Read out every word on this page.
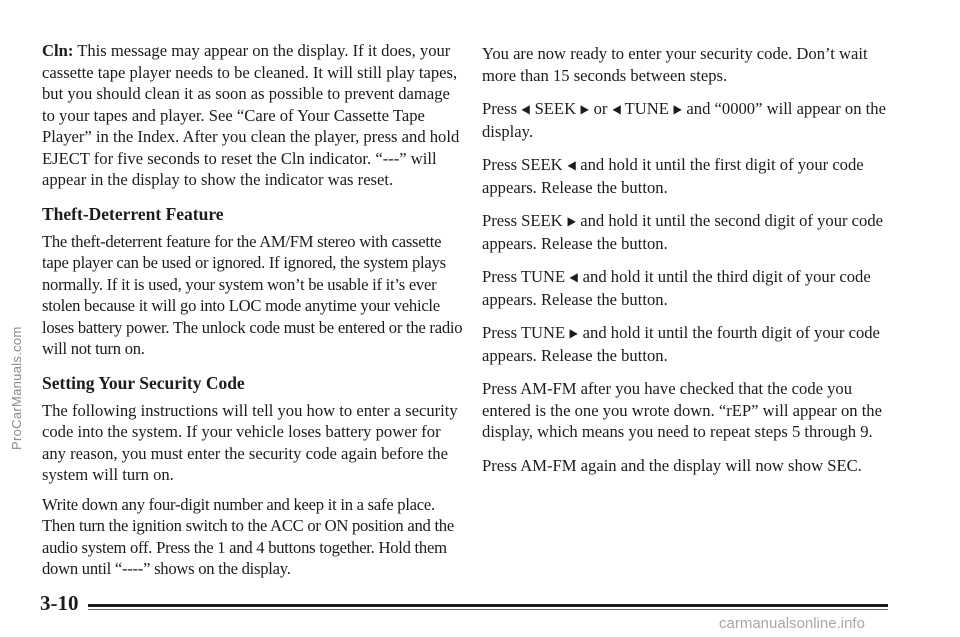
Cln: This message may appear on the display. If it does, your cassette tape player needs to be cleaned. It will still play tapes, but you should clean it as soon as possible to prevent damage to your tapes and player. See “Care of Your Cassette Tape Player” in the Index. After you clean the player, press and hold EJECT for five seconds to reset the Cln indicator. “---” will appear in the display to show the indicator was reset.

Theft-Deterrent Feature

The theft-deterrent feature for the AM/FM stereo with cassette tape player can be used or ignored. If ignored, the system plays normally. If it is used, your system won’t be usable if it’s ever stolen because it will go into LOC mode anytime your vehicle loses battery power. The unlock code must be entered or the radio will not turn on.

Setting Your Security Code

The following instructions will tell you how to enter a security code into the system. If your vehicle loses battery power for any reason, you must enter the security code again before the system will turn on.

Write down any four-digit number and keep it in a safe place. Then turn the ignition switch to the ACC or ON position and the audio system off. Press the 1 and 4 buttons together. Hold them down until “----” shows on the display.

You are now ready to enter your security code. Don’t wait more than 15 seconds between steps.

Press ◀ SEEK ▶ or ◀ TUNE ▶ and “0000” will appear on the display.

Press SEEK ◀ and hold it until the first digit of your code appears. Release the button.

Press SEEK ▶ and hold it until the second digit of your code appears. Release the button.

Press TUNE ◀ and hold it until the third digit of your code appears. Release the button.

Press TUNE ▶ and hold it until the fourth digit of your code appears. Release the button.

Press AM-FM after you have checked that the code you entered is the one you wrote down. “rEP” will appear on the display, which means you need to repeat steps 5 through 9.

Press AM-FM again and the display will now show SEC.

3-10
ProCarManuals.com
carmanualsonline.info
